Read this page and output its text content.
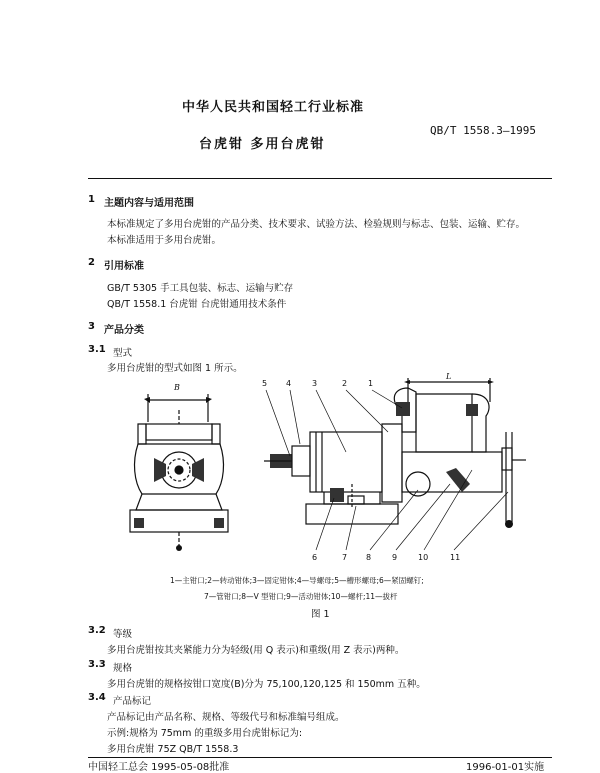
中华人民共和国轻工行业标准
台虎钳 多用台虎钳
QB/T 1558.3—1995
1 主题内容与适用范围
本标准规定了多用台虎钳的产品分类、技术要求、试验方法、检验规则与标志、包装、运输、贮存。
本标准适用于多用台虎钳。
2 引用标准
GB/T 5305 手工具包装、标志、运输与贮存
QB/T 1558.1 台虎钳 台虎钳通用技术条件
3 产品分类
3.1 型式
多用台虎钳的型式如图 1 所示。
B
L
5 4	3	2	1
6	7 8	9	10	11
1—主钳口;2—转动钳体;3—固定钳体;4—导螺母;5—槽形螺母;6—紧固螺钉;
7—管钳口;8—V 型钳口;9—活动钳体;10—螺杆;11—拔杆
图 1
3.2 等级
多用台虎钳按其夹紧能力分为轻级(用 Q 表示)和重级(用 Z 表示)两种。
3.3 规格
多用台虎钳的规格按钳口宽度(B)分为 75,100,120,125 和 150mm 五种。
3.4 产品标记
产品标记由产品名称、规格、等级代号和标准编号组成。
示例:规格为 75mm 的重级多用台虎钳标记为:
多用台虎钳 75Z QB/T 1558.3
中国轻工总会 1995-05-08批准	1996-01-01实施
